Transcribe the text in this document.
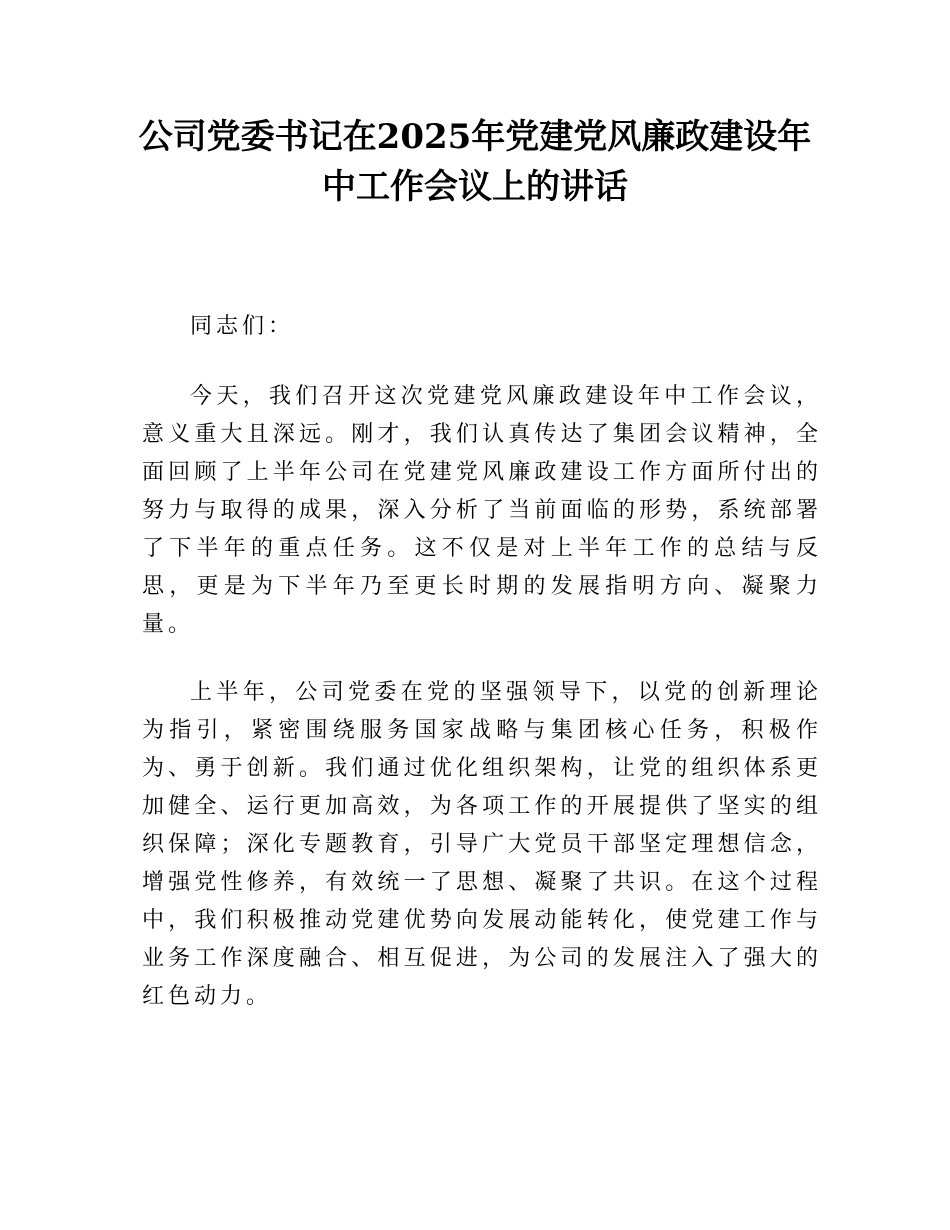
公司党委书记在2025年党建党风廉政建设年
中工作会议上的讲话

同志们：

今天，我们召开这次党建党风廉政建设年中工作会议，意义重大且深远。刚才，我们认真传达了集团会议精神，全面回顾了上半年公司在党建党风廉政建设工作方面所付出的努力与取得的成果，深入分析了当前面临的形势，系统部署了下半年的重点任务。这不仅是对上半年工作的总结与反思，更是为下半年乃至更长时期的发展指明方向、凝聚力量。

上半年，公司党委在党的坚强领导下，以党的创新理论为指引，紧密围绕服务国家战略与集团核心任务，积极作为、勇于创新。我们通过优化组织架构，让党的组织体系更加健全、运行更加高效，为各项工作的开展提供了坚实的组织保障；深化专题教育，引导广大党员干部坚定理想信念，增强党性修养，有效统一了思想、凝聚了共识。在这个过程中，我们积极推动党建优势向发展动能转化，使党建工作与业务工作深度融合、相互促进，为公司的发展注入了强大的红色动力。
